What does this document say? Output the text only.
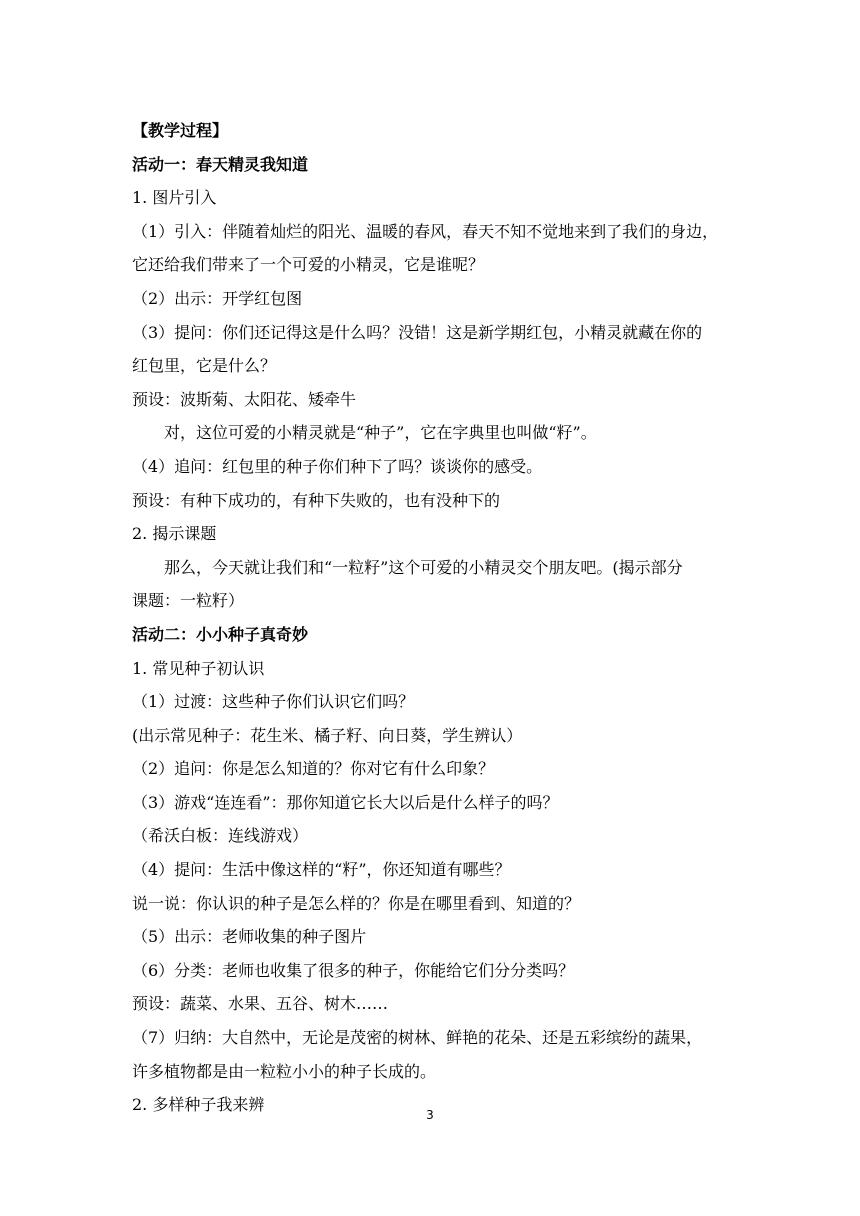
【教学过程】
活动一：春天精灵我知道
1. 图片引入
（1）引入：伴随着灿烂的阳光、温暖的春风，春天不知不觉地来到了我们的身边，
它还给我们带来了一个可爱的小精灵，它是谁呢？
（2）出示：开学红包图
（3）提问：你们还记得这是什么吗？没错！这是新学期红包，小精灵就藏在你的
红包里，它是什么？
预设：波斯菊、太阳花、矮牵牛
对，这位可爱的小精灵就是“种子”，它在字典里也叫做“籽”。
（4）追问：红包里的种子你们种下了吗？谈谈你的感受。
预设：有种下成功的，有种下失败的，也有没种下的
2. 揭示课题
那么，今天就让我们和“一粒籽”这个可爱的小精灵交个朋友吧。(揭示部分
课题：一粒籽）
活动二：小小种子真奇妙
1. 常见种子初认识
（1）过渡：这些种子你们认识它们吗？
(出示常见种子：花生米、橘子籽、向日葵，学生辨认）
（2）追问：你是怎么知道的？你对它有什么印象？
（3）游戏“连连看”：那你知道它长大以后是什么样子的吗？
（希沃白板：连线游戏）
（4）提问：生活中像这样的“籽”，你还知道有哪些？
说一说：你认识的种子是怎么样的？你是在哪里看到、知道的？
（5）出示：老师收集的种子图片
（6）分类：老师也收集了很多的种子，你能给它们分分类吗？
预设：蔬菜、水果、五谷、树木……
（7）归纳：大自然中，无论是茂密的树林、鲜艳的花朵、还是五彩缤纷的蔬果，
许多植物都是由一粒粒小小的种子长成的。
2. 多样种子我来辨
3
